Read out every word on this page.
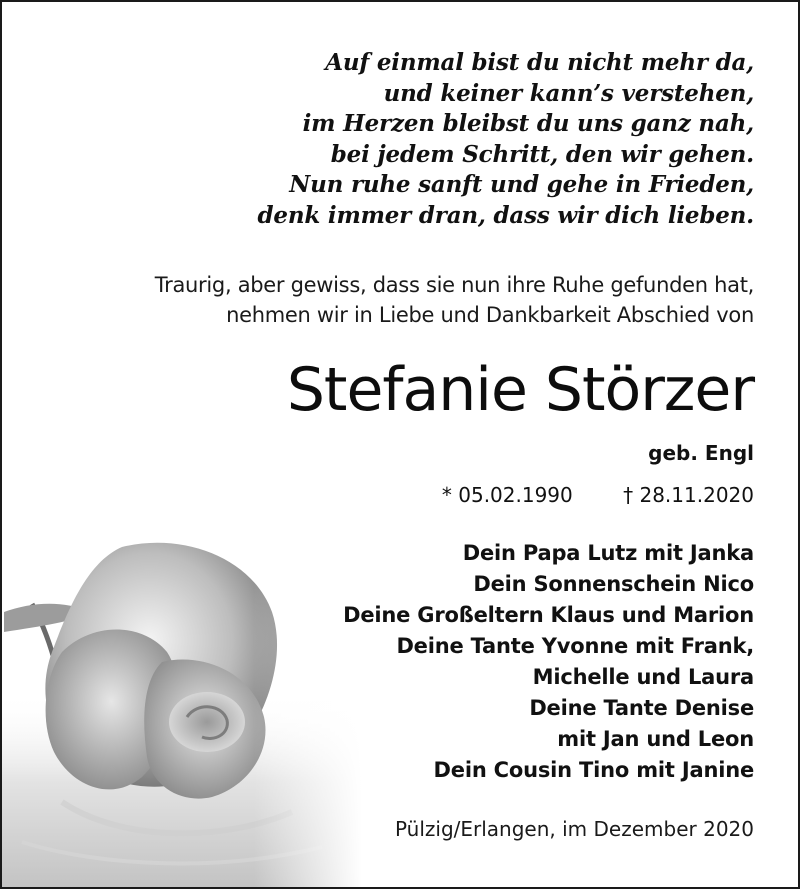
Auf einmal bist du nicht mehr da,
und keiner kann’s verstehen,
im Herzen bleibst du uns ganz nah,
bei jedem Schritt, den wir gehen.
Nun ruhe sanft und gehe in Frieden,
denk immer dran, dass wir dich lieben.
Traurig, aber gewiss, dass sie nun ihre Ruhe gefunden hat,
nehmen wir in Liebe und Dankbarkeit Abschied von
Stefanie Störzer
geb. Engl
* 05.02.1990	† 28.11.2020
Dein Papa Lutz mit Janka
Dein Sonnenschein Nico
Deine Großeltern Klaus und Marion
Deine Tante Yvonne mit Frank,
Michelle und Laura
Deine Tante Denise
mit Jan und Leon
Dein Cousin Tino mit Janine
Pülzig/Erlangen, im Dezember 2020
